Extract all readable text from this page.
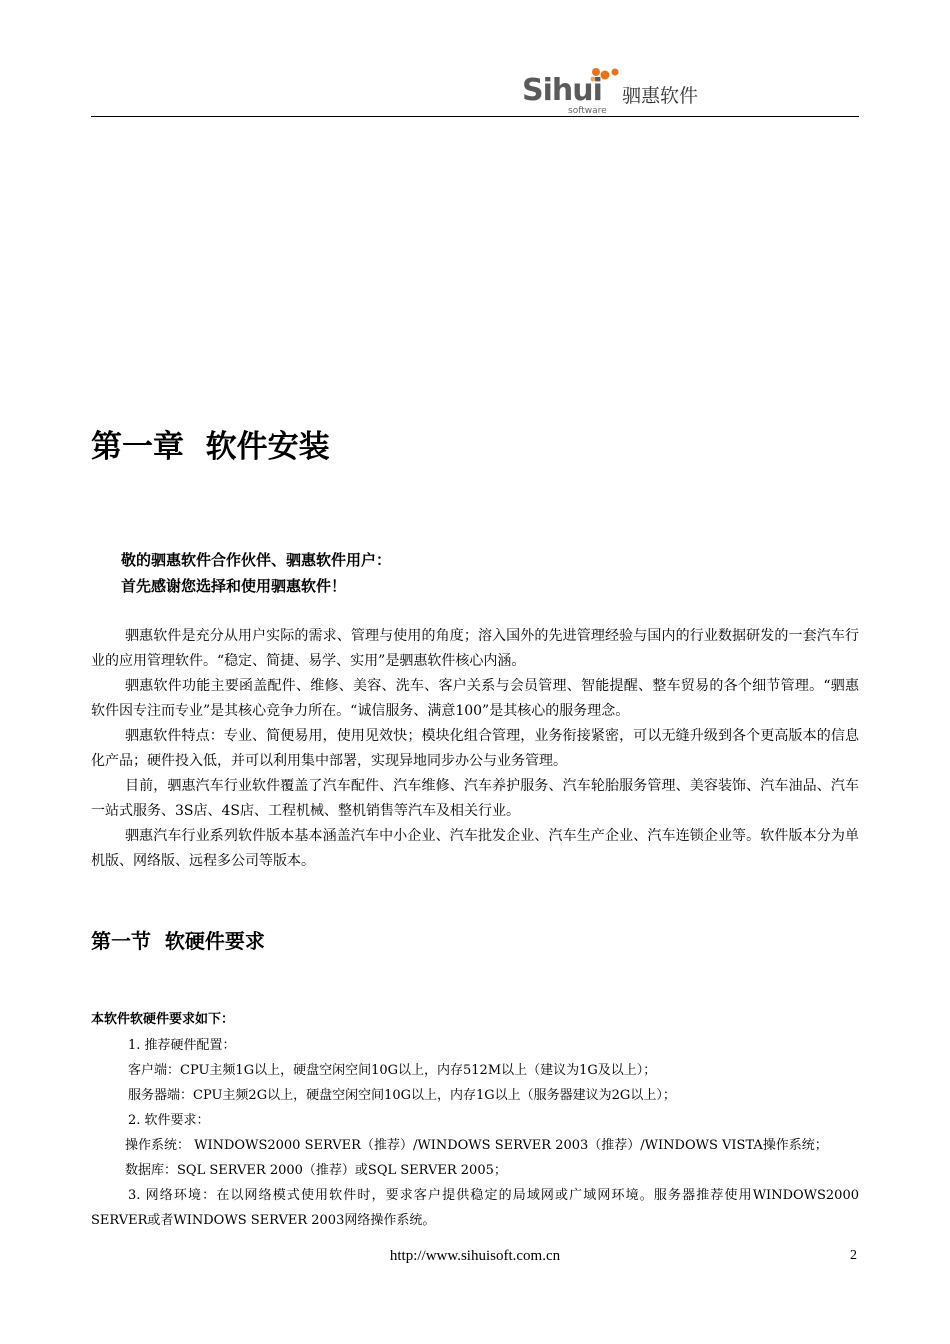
Sihui
software
驷惠软件
第一章  软件安装
敬的驷惠软件合作伙伴、驷惠软件用户：
首先感谢您选择和使用驷惠软件！

驷惠软件是充分从用户实际的需求、管理与使用的角度；溶入国外的先进管理经验与国内的行业数据研发的一套汽车行业的应用管理软件。“稳定、简捷、易学、实用”是驷惠软件核心内涵。

驷惠软件功能主要函盖配件、维修、美容、洗车、客户关系与会员管理、智能提醒、整车贸易的各个细节管理。“驷惠软件因专注而专业”是其核心竞争力所在。“诚信服务、满意100”是其核心的服务理念。

驷惠软件特点：专业、简便易用，使用见效快；模块化组合管理，业务衔接紧密，可以无缝升级到各个更高版本的信息化产品；硬件投入低，并可以利用集中部署，实现异地同步办公与业务管理。

目前，驷惠汽车行业软件覆盖了汽车配件、汽车维修、汽车养护服务、汽车轮胎服务管理、美容装饰、汽车油品、汽车一站式服务、3S店、4S店、工程机械、整机销售等汽车及相关行业。

驷惠汽车行业系列软件版本基本涵盖汽车中小企业、汽车批发企业、汽车生产企业、汽车连锁企业等。软件版本分为单机版、网络版、远程多公司等版本。

第一节  软硬件要求
本软件软硬件要求如下：
1. 推荐硬件配置：
客户端：CPU主频1G以上，硬盘空闲空间10G以上，内存512M以上（建议为1G及以上）；
服务器端：CPU主频2G以上，硬盘空闲空间10G以上，内存1G以上（服务器建议为2G以上）；
2. 软件要求：
操作系统： WINDOWS2000 SERVER（推荐）/WINDOWS SERVER 2003（推荐）/WINDOWS VISTA操作系统；
数据库：SQL SERVER 2000（推荐）或SQL SERVER 2005；
3. 网络环境：在以网络模式使用软件时，要求客户提供稳定的局域网或广域网环境。服务器推荐使用WINDOWS2000 SERVER或者WINDOWS SERVER 2003网络操作系统。
http://www.sihuisoft.com.cn	2
